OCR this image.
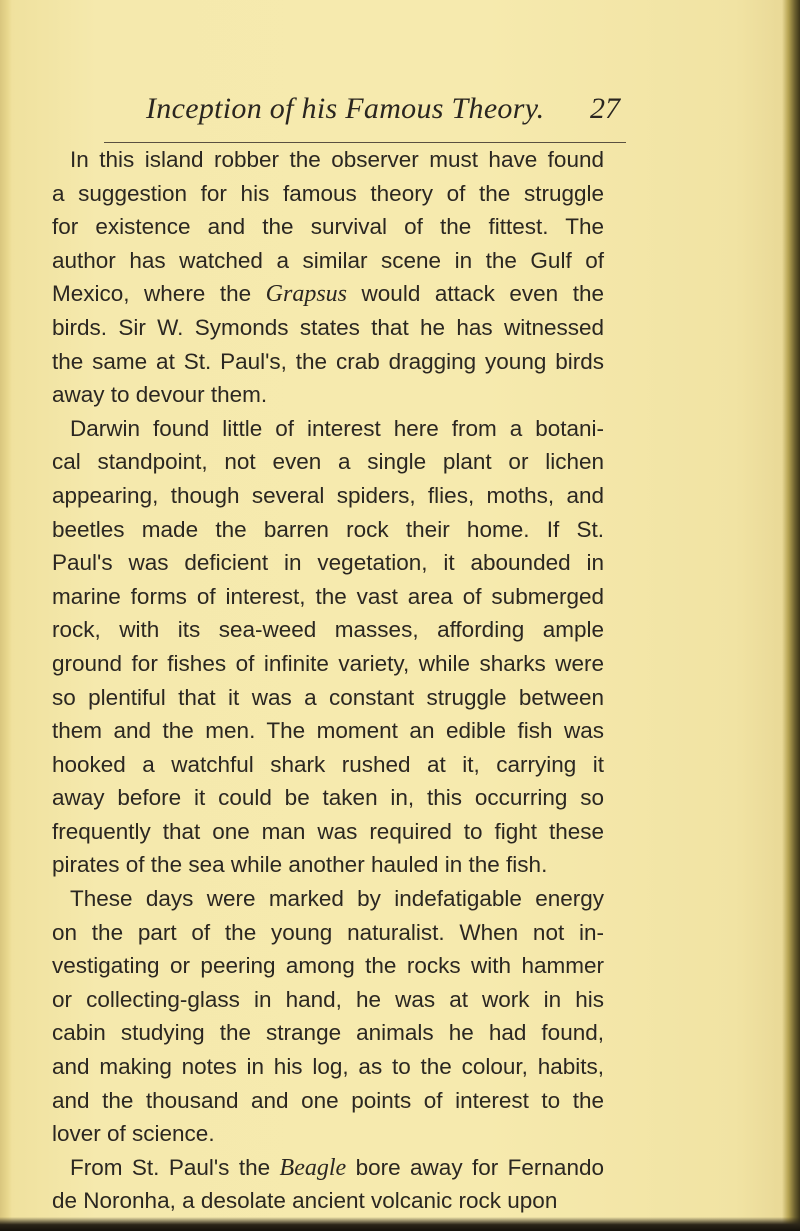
Inception of his Famous Theory. 27
In this island robber the observer must have found
a suggestion for his famous theory of the struggle
for existence and the survival of the fittest. The
author has watched a similar scene in the Gulf of
Mexico, where the Grapsus would attack even the
birds. Sir W. Symonds states that he has witnessed
the same at St. Paul's, the crab dragging young birds
away to devour them.
Darwin found little of interest here from a botani-
cal standpoint, not even a single plant or lichen
appearing, though several spiders, flies, moths, and
beetles made the barren rock their home. If St.
Paul's was deficient in vegetation, it abounded in
marine forms of interest, the vast area of submerged
rock, with its sea-weed masses, affording ample
ground for fishes of infinite variety, while sharks were
so plentiful that it was a constant struggle between
them and the men. The moment an edible fish was
hooked a watchful shark rushed at it, carrying it
away before it could be taken in, this occurring so
frequently that one man was required to fight these
pirates of the sea while another hauled in the fish.
These days were marked by indefatigable energy
on the part of the young naturalist. When not in-
vestigating or peering among the rocks with hammer
or collecting-glass in hand, he was at work in his
cabin studying the strange animals he had found,
and making notes in his log, as to the colour, habits,
and the thousand and one points of interest to the
lover of science.
From St. Paul's the Beagle bore away for Fernando
de Noronha, a desolate ancient volcanic rock upon
